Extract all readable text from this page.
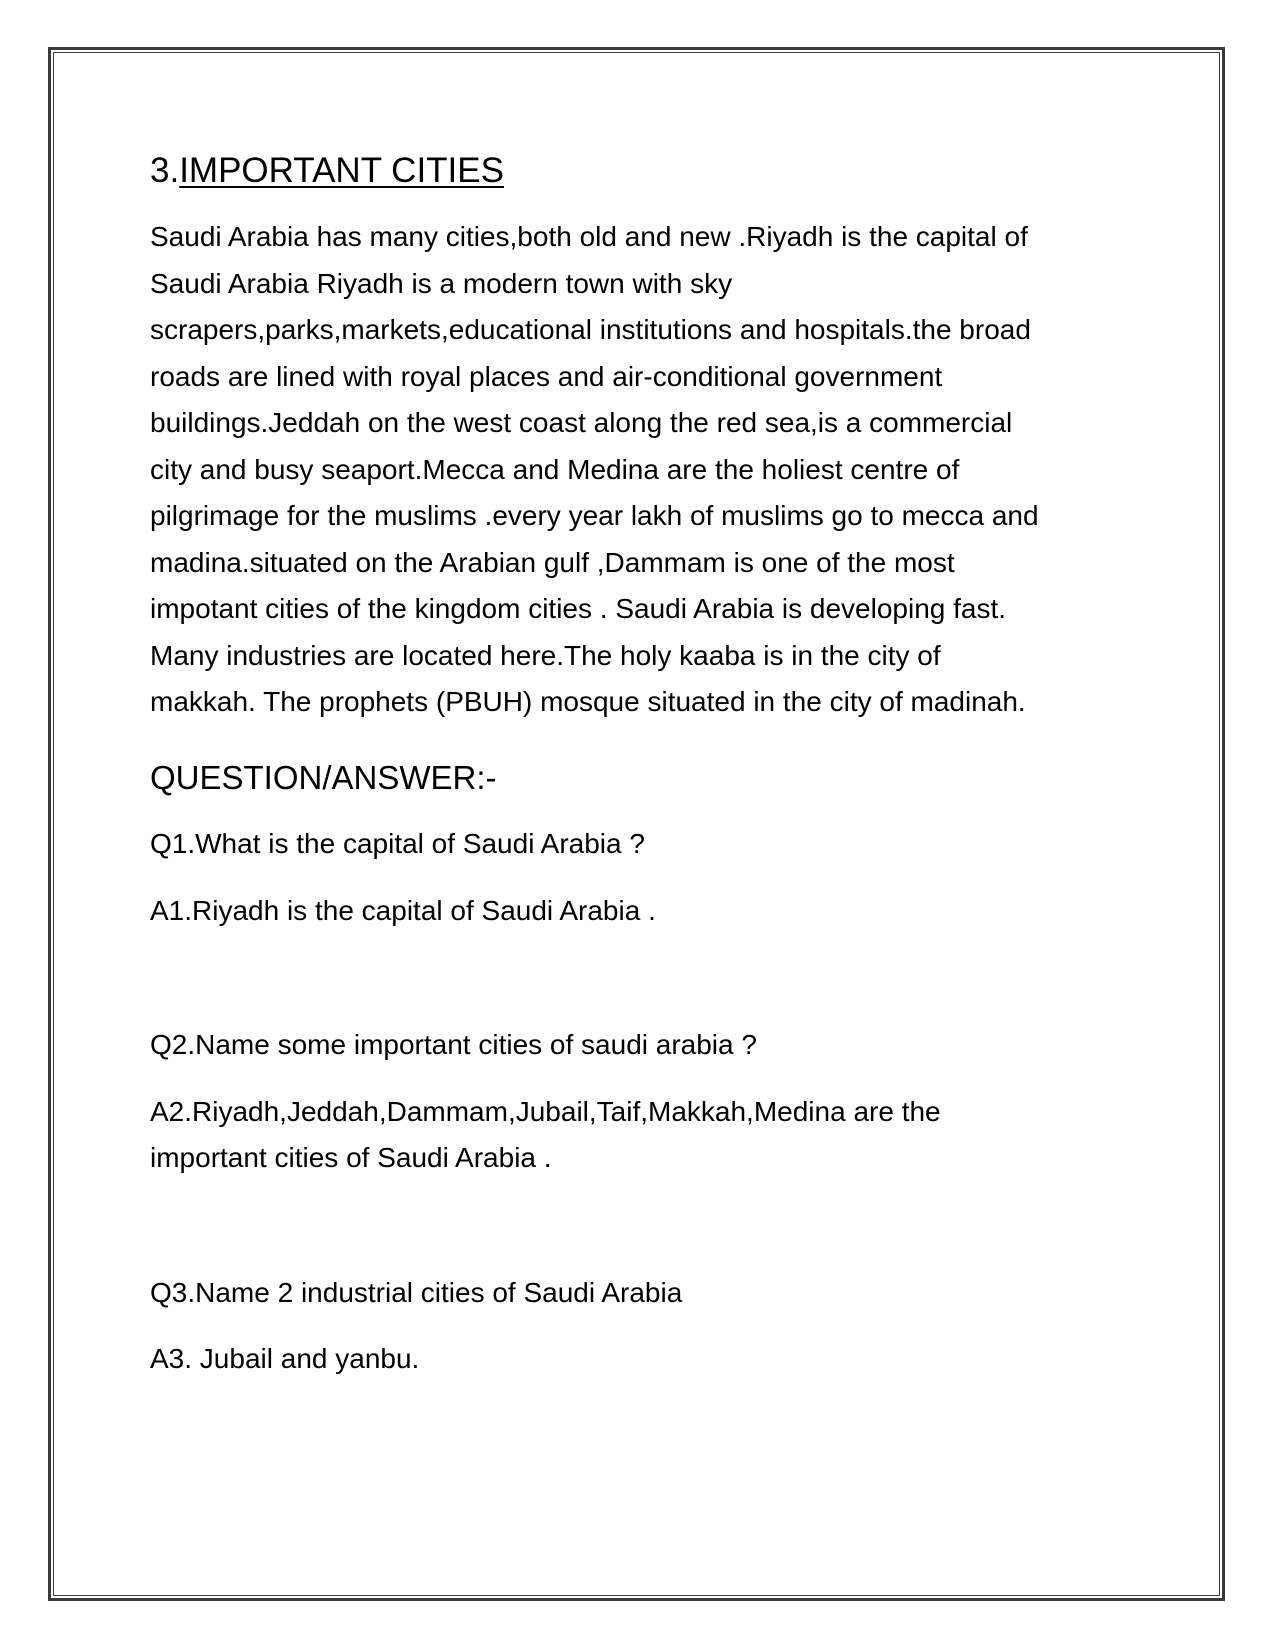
3.IMPORTANT CITIES

Saudi Arabia has many cities,both old and new .Riyadh is the capital of
Saudi Arabia Riyadh is a modern town with sky
scrapers,parks,markets,educational institutions and hospitals.the broad
roads are lined with royal places and air-conditional government
buildings.Jeddah on the west coast along the red sea,is a commercial
city and busy seaport.Mecca and Medina are the holiest centre of
pilgrimage for the muslims .every year lakh of muslims go to mecca and
madina.situated on the Arabian gulf ,Dammam is one of the most
impotant cities of the kingdom cities . Saudi Arabia is developing fast.
Many industries are located here.The holy kaaba is in the city of
makkah. The prophets (PBUH) mosque situated in the city of madinah.

QUESTION/ANSWER:-

Q1.What is the capital of Saudi Arabia ?

A1.Riyadh is the capital of Saudi Arabia .

Q2.Name some important cities of saudi arabia ?

A2.Riyadh,Jeddah,Dammam,Jubail,Taif,Makkah,Medina are the
important cities of Saudi Arabia .

Q3.Name 2 industrial cities of Saudi Arabia

A3. Jubail and yanbu.
